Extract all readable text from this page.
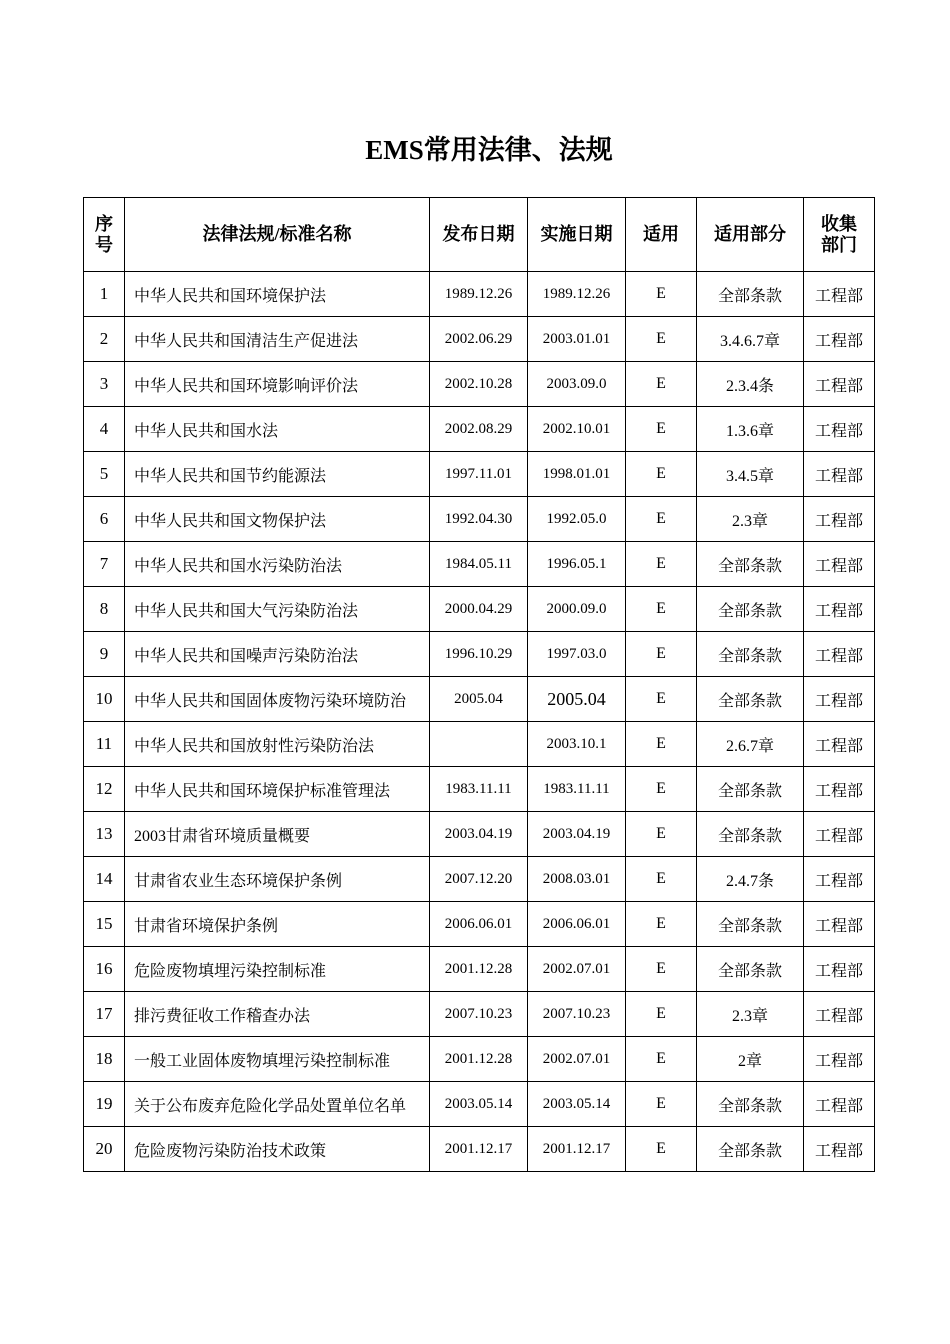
EMS常用法律、法规
序号	法律法规/标准名称	发布日期	实施日期	适用	适用部分	收集部门
1	中华人民共和国环境保护法	1989.12.26	1989.12.26	E	全部条款	工程部
2	中华人民共和国清洁生产促进法	2002.06.29	2003.01.01	E	3.4.6.7章	工程部
3	中华人民共和国环境影响评价法	2002.10.28	2003.09.0	E	2.3.4条	工程部
4	中华人民共和国水法	2002.08.29	2002.10.01	E	1.3.6章	工程部
5	中华人民共和国节约能源法	1997.11.01	1998.01.01	E	3.4.5章	工程部
6	中华人民共和国文物保护法	1992.04.30	1992.05.0	E	2.3章	工程部
7	中华人民共和国水污染防治法	1984.05.11	1996.05.1	E	全部条款	工程部
8	中华人民共和国大气污染防治法	2000.04.29	2000.09.0	E	全部条款	工程部
9	中华人民共和国噪声污染防治法	1996.10.29	1997.03.0	E	全部条款	工程部
10	中华人民共和国固体废物污染环境防治	2005.04	2005.04	E	全部条款	工程部
11	中华人民共和国放射性污染防治法		2003.10.1	E	2.6.7章	工程部
12	中华人民共和国环境保护标准管理法	1983.11.11	1983.11.11	E	全部条款	工程部
13	2003甘肃省环境质量概要	2003.04.19	2003.04.19	E	全部条款	工程部
14	甘肃省农业生态环境保护条例	2007.12.20	2008.03.01	E	2.4.7条	工程部
15	甘肃省环境保护条例	2006.06.01	2006.06.01	E	全部条款	工程部
16	危险废物填埋污染控制标准	2001.12.28	2002.07.01	E	全部条款	工程部
17	排污费征收工作稽查办法	2007.10.23	2007.10.23	E	2.3章	工程部
18	一般工业固体废物填埋污染控制标准	2001.12.28	2002.07.01	E	2章	工程部
19	关于公布废弃危险化学品处置单位名单	2003.05.14	2003.05.14	E	全部条款	工程部
20	危险废物污染防治技术政策	2001.12.17	2001.12.17	E	全部条款	工程部
